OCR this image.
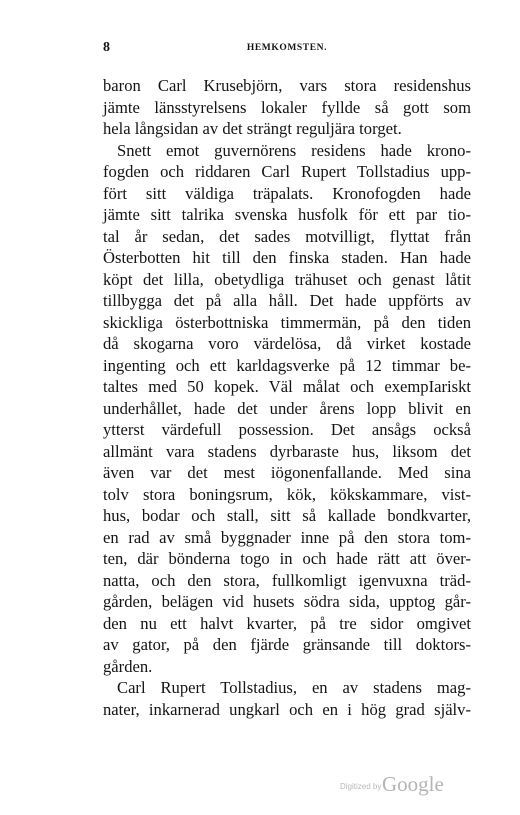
8	HEMKOMSTEN.
baron Carl Krusebjörn, vars stora residenshus
jämte länsstyrelsens lokaler fyllde så gott som
hela långsidan av det strängt reguljära torget.
Snett emot guvernörens residens hade krono-
fogden och riddaren Carl Rupert Tollstadius upp-
fört sitt väldiga träpalats. Kronofogden hade
jämte sitt talrika svenska husfolk för ett par tio-
tal år sedan, det sades motvilligt, flyttat från
Österbotten hit till den finska staden. Han hade
köpt det lilla, obetydliga trähuset och genast låtit
tillbygga det på alla håll. Det hade uppförts av
skickliga österbottniska timmermän, på den tiden
då skogarna voro värdelösa, då virket kostade
ingenting och ett karldagsverke på 12 timmar be-
taltes med 50 kopek. Väl målat och exempIariskt
underhållet, hade det under årens lopp blivit en
ytterst värdefull possession. Det ansågs också
allmänt vara stadens dyrbaraste hus, liksom det
även var det mest iögonenfallande. Med sina
tolv stora boningsrum, kök, kökskammare, vist-
hus, bodar och stall, sitt så kallade bondkvarter,
en rad av små byggnader inne på den stora tom-
ten, där bönderna togo in och hade rätt att över-
natta, och den stora, fullkomligt igenvuxna träd-
gården, belägen vid husets södra sida, upptog går-
den nu ett halvt kvarter, på tre sidor omgivet
av gator, på den fjärde gränsande till doktors-
gården.
Carl Rupert Tollstadius, en av stadens mag-
nater, inkarnerad ungkarl och en i hög grad själv-
Digitized by Google
